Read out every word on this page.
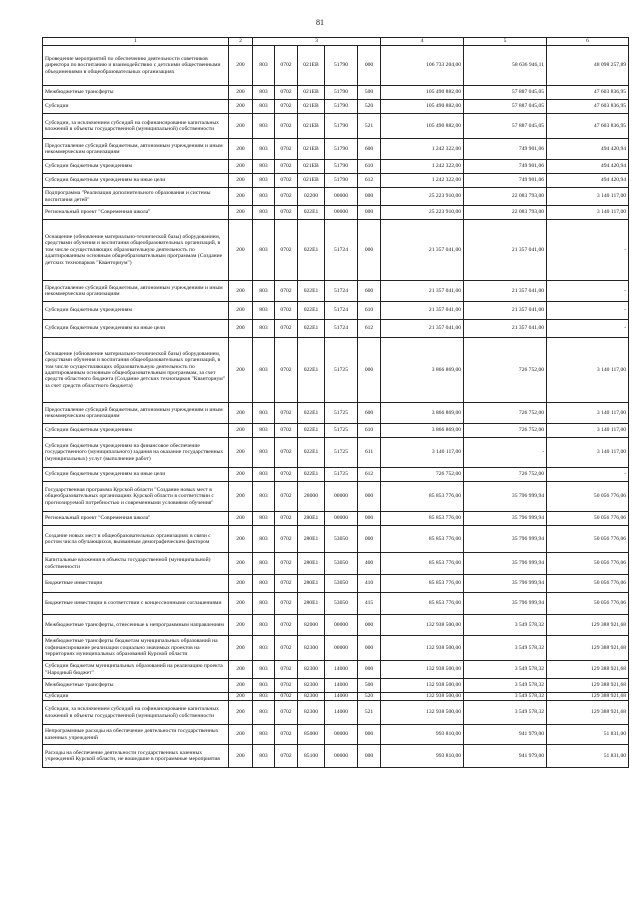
81
1	2	3					4	5	6
Проведение мероприятий по обеспечению деятельности советников директора по воспитанию и взаимодействию с детскими общественными объединениями в общеобразовательных организациях	200	803	0702	021EB	51790	000	106 733 204,00	58 636 946,11	48 098 257,89
Межбюджетные трансферты	200	803	0702	021EB	51790	500	105 490 882,00	57 887 045,05	47 603 836,95
Субсидии	200	803	0702	021EB	51790	520	105 490 882,00	57 887 045,05	47 603 836,95
Субсидии, за исключением субсидий на софинансирование капитальных вложений в объекты государственной (муниципальной) собственности	200	803	0702	021EB	51790	521	105 490 882,00	57 887 045,05	47 603 836,95
Предоставление субсидий бюджетным, автономным учреждениям и иным некоммерческим организациям	200	803	0702	021EB	51790	600	1 242 322,00	749 901,06	494 420,94
Субсидии бюджетным учреждениям	200	803	0702	021EB	51790	610	1 242 322,00	749 901,06	494 420,94
Субсидии бюджетным учреждениям на иные цели	200	803	0702	021EB	51790	612	1 242 322,00	749 901,06	494 420,94
Подпрограмма "Реализация дополнительного образования и системы воспитания детей"	200	803	0702	02200	00000	000	25 223 910,00	22 083 793,00	3 140 117,00
Региональный проект "Современная школа"	200	803	0702	022E1	00000	000	25 223 910,00	22 083 793,00	3 140 117,00
Оснащение (обновление материально-технической базы) оборудованием, средствами обучения и воспитания общеобразовательных организаций, в том числе осуществляющих образовательную деятельность по адаптированным основным общеобразовательным программам (Создание детских технопарков "Кванториум")	200	803	0702	022E1	51724	000	21 357 041,00	21 357 041,00	-
Предоставление субсидий бюджетным, автономным учреждениям и иным некоммерческим организациям	200	803	0702	022E1	51724	600	21 357 041,00	21 357 041,00	-
Субсидии бюджетным учреждениям	200	803	0702	022E1	51724	610	21 357 041,00	21 357 041,00	-
Субсидии бюджетным учреждениям на иные цели	200	803	0702	022E1	51724	612	21 357 041,00	21 357 041,00	-
Оснащение (обновление материально-технической базы) оборудованием, средствами обучения и воспитания общеобразовательных организаций, в том числе осуществляющих образовательную деятельность по адаптированным основным общеобразовательным программам, за счет средств областного бюджета (Создание детских технопарков "Кванториум" за счет средств областного бюджета)	200	803	0702	022E1	51725	000	3 866 869,00	726 752,00	3 140 117,00
Предоставление субсидий бюджетным, автономным учреждениям и иным некоммерческим организациям	200	803	0702	022E1	51725	600	3 866 869,00	726 752,00	3 140 117,00
Субсидии бюджетным учреждениям	200	803	0702	022E1	51725	610	3 866 869,00	726 752,00	3 140 117,00
Субсидии бюджетным учреждениям на финансовое обеспечение государственного (муниципального) задания на оказание государственных (муниципальных) услуг (выполнение работ)	200	803	0702	022E1	51725	611	3 140 117,00	-	3 140 117,00
Субсидии бюджетным учреждениям на иные цели	200	803	0702	022E1	51725	612	726 752,00	726 752,00	-
Государственная программа Курской области "Создание новых мест в общеобразовательных организациях Курской области в соответствии с прогнозируемой потребностью и современными условиями обучения"	200	803	0702	28000	00000	000	85 853 776,00	35 796 999,94	50 056 776,06
Региональный проект "Современная школа"	200	803	0702	280E1	00000	000	85 853 776,00	35 796 999,94	50 056 776,06
Создание новых мест в общеобразовательных организациях в связи с ростом числа обучающихся, вызванным демографическим фактором	200	803	0702	280E1	53050	000	85 853 776,00	35 796 999,94	50 056 776,06
Капитальные вложения в объекты государственной (муниципальной) собственности	200	803	0702	280E1	53050	400	85 853 776,00	35 796 999,94	50 056 776,06
Бюджетные инвестиции	200	803	0702	280E1	53050	410	85 853 776,00	35 796 999,94	50 056 776,06
Бюджетные инвестиции в соответствии с концессионными соглашениями	200	803	0702	280E1	53050	415	85 853 776,00	35 796 999,94	50 056 776,06
Межбюджетные трансферты, отнесенные к непрограммным направлениям	200	803	0702	82000	00000	000	132 938 500,00	3 549 578,32	129 388 921,68
Межбюджетные трансферты бюджетам муниципальных образований на софинансирование реализации социально значимых проектов на территориях муниципальных образований Курской области	200	803	0702	82300	00000	000	132 938 500,00	3 549 578,32	129 388 921,68
Субсидии бюджетам муниципальных образований на реализацию проекта "Народный бюджет"	200	803	0702	82300	14000	000	132 938 500,00	3 549 578,32	129 388 921,68
Межбюджетные трансферты	200	803	0702	82300	14000	500	132 938 500,00	3 549 578,32	129 388 921,68
Субсидии	200	803	0702	82300	14000	520	132 938 500,00	3 549 578,32	129 388 921,68
Субсидии, за исключением субсидий на софинансирование капитальных вложений в объекты государственной (муниципальной) собственности	200	803	0702	82300	14000	521	132 938 500,00	3 549 578,32	129 388 921,68
Непрограммные расходы на обеспечение деятельности государственных казенных учреждений	200	803	0702	85000	00000	000	993 810,00	941 979,00	51 831,00
Расходы на обеспечение деятельности государственных казенных учреждений Курской области, не вошедшие в программные мероприятия	200	803	0702	85100	00000	000	993 810,00	941 979,00	51 831,00
